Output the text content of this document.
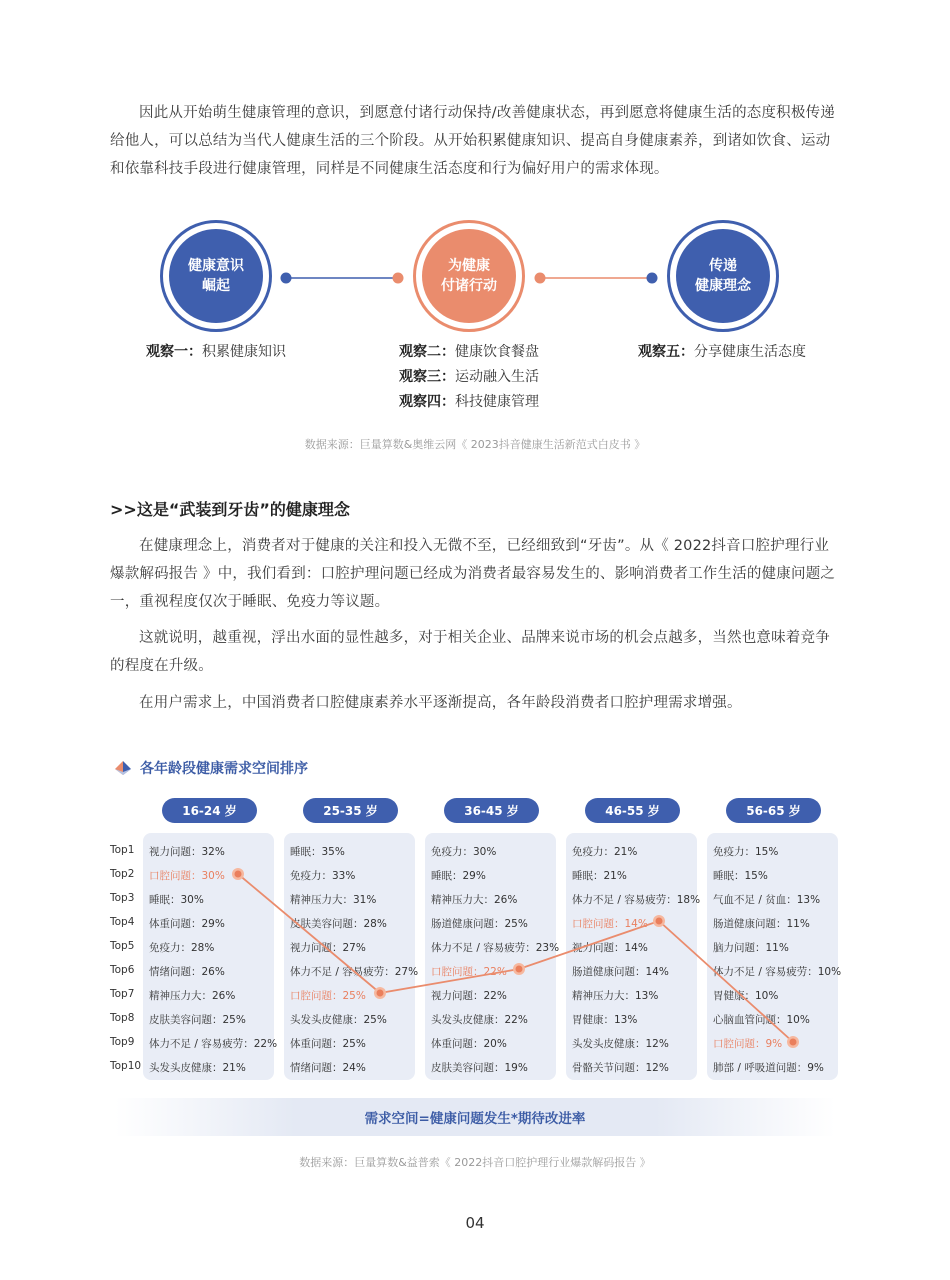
因此从开始萌生健康管理的意识，到愿意付诸行动保持/改善健康状态，再到愿意将健康生活的态度积极传递给他人，可以总结为当代人健康生活的三个阶段。从开始积累健康知识、提高自身健康素养，到诸如饮食、运动和依靠科技手段进行健康管理，同样是不同健康生活态度和行为偏好用户的需求体现。

健康意识
崛起
为健康
付诸行动
传递
健康理念
观察一：积累健康知识	观察二：健康饮食餐盘
观察三：运动融入生活
观察四：科技健康管理
观察五：分享健康生活态度
数据来源：巨量算数&奥维云网《 2023抖音健康生活新范式白皮书 》
>>这是“武装到牙齿”的健康理念

在健康理念上，消费者对于健康的关注和投入无微不至，已经细致到“牙齿”。从《 2022抖音口腔护理行业爆款解码报告 》中，我们看到：口腔护理问题已经成为消费者最容易发生的、影响消费者工作生活的健康问题之一，重视程度仅次于睡眠、免疫力等议题。

这就说明，越重视，浮出水面的显性越多，对于相关企业、品牌来说市场的机会点越多，当然也意味着竞争的程度在升级。

在用户需求上，中国消费者口腔健康素养水平逐渐提高，各年龄段消费者口腔护理需求增强。

各年龄段健康需求空间排序
Top1
Top2
Top3
Top4
Top5
Top6
Top7
Top8
Top9
Top10
16-24 岁
视力问题：32%
口腔问题：30%
睡眠：30%
体重问题：29%
免疫力：28%
情绪问题：26%
精神压力大：26%
皮肤美容问题：25%
体力不足 / 容易疲劳：22%
头发头皮健康：21%
25-35 岁
睡眠：35%
免疫力：33%
精神压力大：31%
皮肤美容问题：28%
视力问题：27%
体力不足 / 容易疲劳：27%
口腔问题：25%
头发头皮健康：25%
体重问题：25%
情绪问题：24%
36-45 岁
免疫力：30%
睡眠：29%
精神压力大：26%
肠道健康问题：25%
体力不足 / 容易疲劳：23%
口腔问题：22%
视力问题：22%
头发头皮健康：22%
体重问题：20%
皮肤美容问题：19%
46-55 岁
免疫力：21%
睡眠：21%
体力不足 / 容易疲劳：18%
口腔问题：14%
视力问题：14%
肠道健康问题：14%
精神压力大：13%
胃健康：13%
头发头皮健康：12%
骨骼关节问题：12%
56-65 岁
免疫力：15%
睡眠：15%
气血不足 / 贫血：13%
肠道健康问题：11%
脑力问题：11%
体力不足 / 容易疲劳：10%
胃健康：10%
心脑血管问题：10%
口腔问题：9%
肺部 / 呼吸道问题：9%
需求空间=健康问题发生*期待改进率
数据来源：巨量算数&益普索《 2022抖音口腔护理行业爆款解码报告 》
04
